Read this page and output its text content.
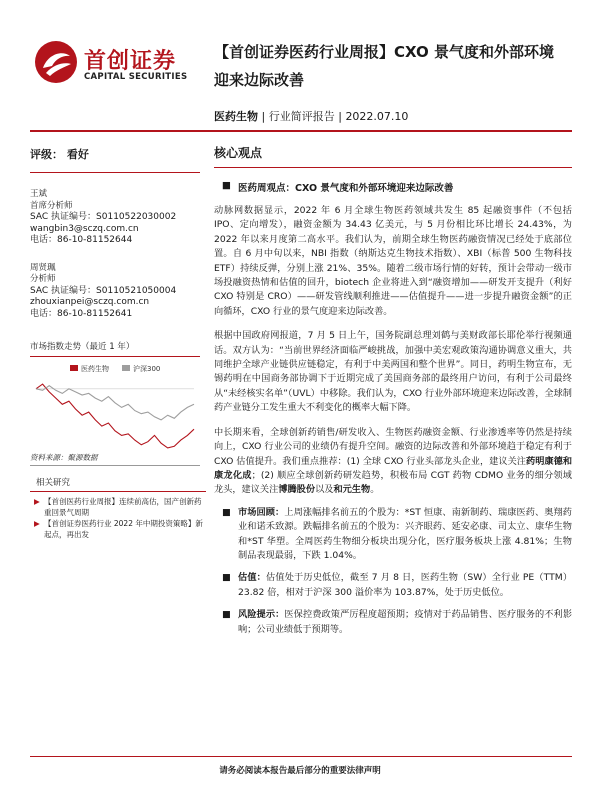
首创证券
CAPITAL SECURITIES
【首创证券医药行业周报】CXO 景气度和外部环境
迎来边际改善
医药生物 | 行业简评报告 | 2022.07.10
评级： 看好
王斌
首席分析师
SAC 执证编号：S0110522030002
wangbin3@sczq.com.cn
电话：86-10-81152644
周贤珮
分析师
SAC 执证编号：S0110521050004
zhouxianpei@sczq.com.cn
电话：86-10-81152641
市场指数走势（最近 1 年）
医药生物	沪深300
资料来源：聚源数据
相关研究
▶ 【首创医药行业周报】连续前高估，国产创新药重回景气周期
▶ 【首创证券医药行业 2022 年中期投资策略】新起点，再出发
核心观点
■ 医药周观点：CXO 景气度和外部环境迎来边际改善
动脉网数据显示，2022 年 6 月全球生物医药领域共发生 85 起融资事件（不包括 IPO、定向增发），融资金额为 34.43 亿美元，与 5 月份相比环比增长 24.43%，为 2022 年以来月度第二高水平。我们认为，前期全球生物医药融资情况已经处于底部位置。自 6 月中旬以来，NBI 指数（纳斯达克生物技术指数）、XBI（标普 500 生物科技 ETF）持续反弹，分别上涨 21%、35%。随着二级市场行情的好转，预计会带动一级市场投融资热情和估值的回升，biotech 企业将进入到“融资增加——研发开支提升（利好 CXO 特别是 CRO）——研发管线顺利推进——估值提升——进一步提升融资金额”的正向循环，CXO 行业的景气度迎来边际改善。
根据中国政府网报道，7 月 5 日上午，国务院副总理刘鹤与美财政部长耶伦举行视频通话。双方认为：“当前世界经济面临严峻挑战，加强中美宏观政策沟通协调意义重大，共同维护全球产业链供应链稳定，有利于中美两国和整个世界”。同日，药明生物宣布，无锡药明在中国商务部协调下于近期完成了美国商务部的最终用户访问，有利于公司最终从“未经核实名单”（UVL）中移除。我们认为，CXO 行业外部环境迎来边际改善，全球制药产业链分工发生重大不利变化的概率大幅下降。
中长期来看，全球创新药销售/研发收入、生物医药融资金额、行业渗透率等仍然是持续向上，CXO 行业公司的业绩仍有提升空间。融资的边际改善和外部环境趋于稳定有利于 CXO 估值提升。我们重点推荐：(1) 全球 CXO 行业头部龙头企业，建议关注药明康德和康龙化成；(2) 顺应全球创新药研发趋势，积极布局 CGT 药物 CDMO 业务的细分领域龙头，建议关注博腾股份以及和元生物。
■ 市场回顾：上周涨幅排名前五的个股为：*ST 恒康、南新制药、瑞康医药、奥翔药业和诺禾致源。跌幅排名前五的个股为：兴齐眼药、延安必康、司太立、康华生物和*ST 华塑。全周医药生物细分板块出现分化，医疗服务板块上涨 4.81%；生物制品表现最弱，下跌 1.04%。
■ 估值：估值处于历史低位，截至 7 月 8 日，医药生物（SW）全行业 PE（TTM）23.82 倍，相对于沪深 300 溢价率为 103.87%，处于历史低位。
■ 风险提示：医保控费政策严厉程度超预期；疫情对于药品销售、医疗服务的不利影响；公司业绩低于预期等。
请务必阅读本报告最后部分的重要法律声明
